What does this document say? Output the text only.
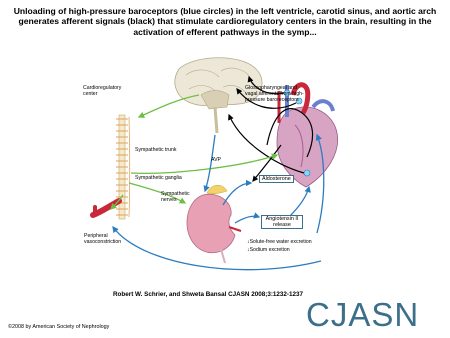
Unloading of high-pressure baroceptors (blue circles) in the left ventricle, carotid sinus, and aortic arch generates afferent signals (black) that stimulate cardioregulatory centers in the brain, resulting in the activation of efferent pathways in the symp...
Cardioregulatory center
Sympathetic trunk
Sympathetic ganglia
Sympathetic nerves
Peripheral vasoconstriction
AVP
Glossopharyngeal and vagal afferents from high-pressure baroreceptors
Aldosterone
Angiotensin II release
↓Solute-free water excretion
↓Sodium excretion
Robert W. Schrier, and Shweta Bansal CJASN 2008;3:1232-1237
CJASN
©2008 by American Society of Nephrology
